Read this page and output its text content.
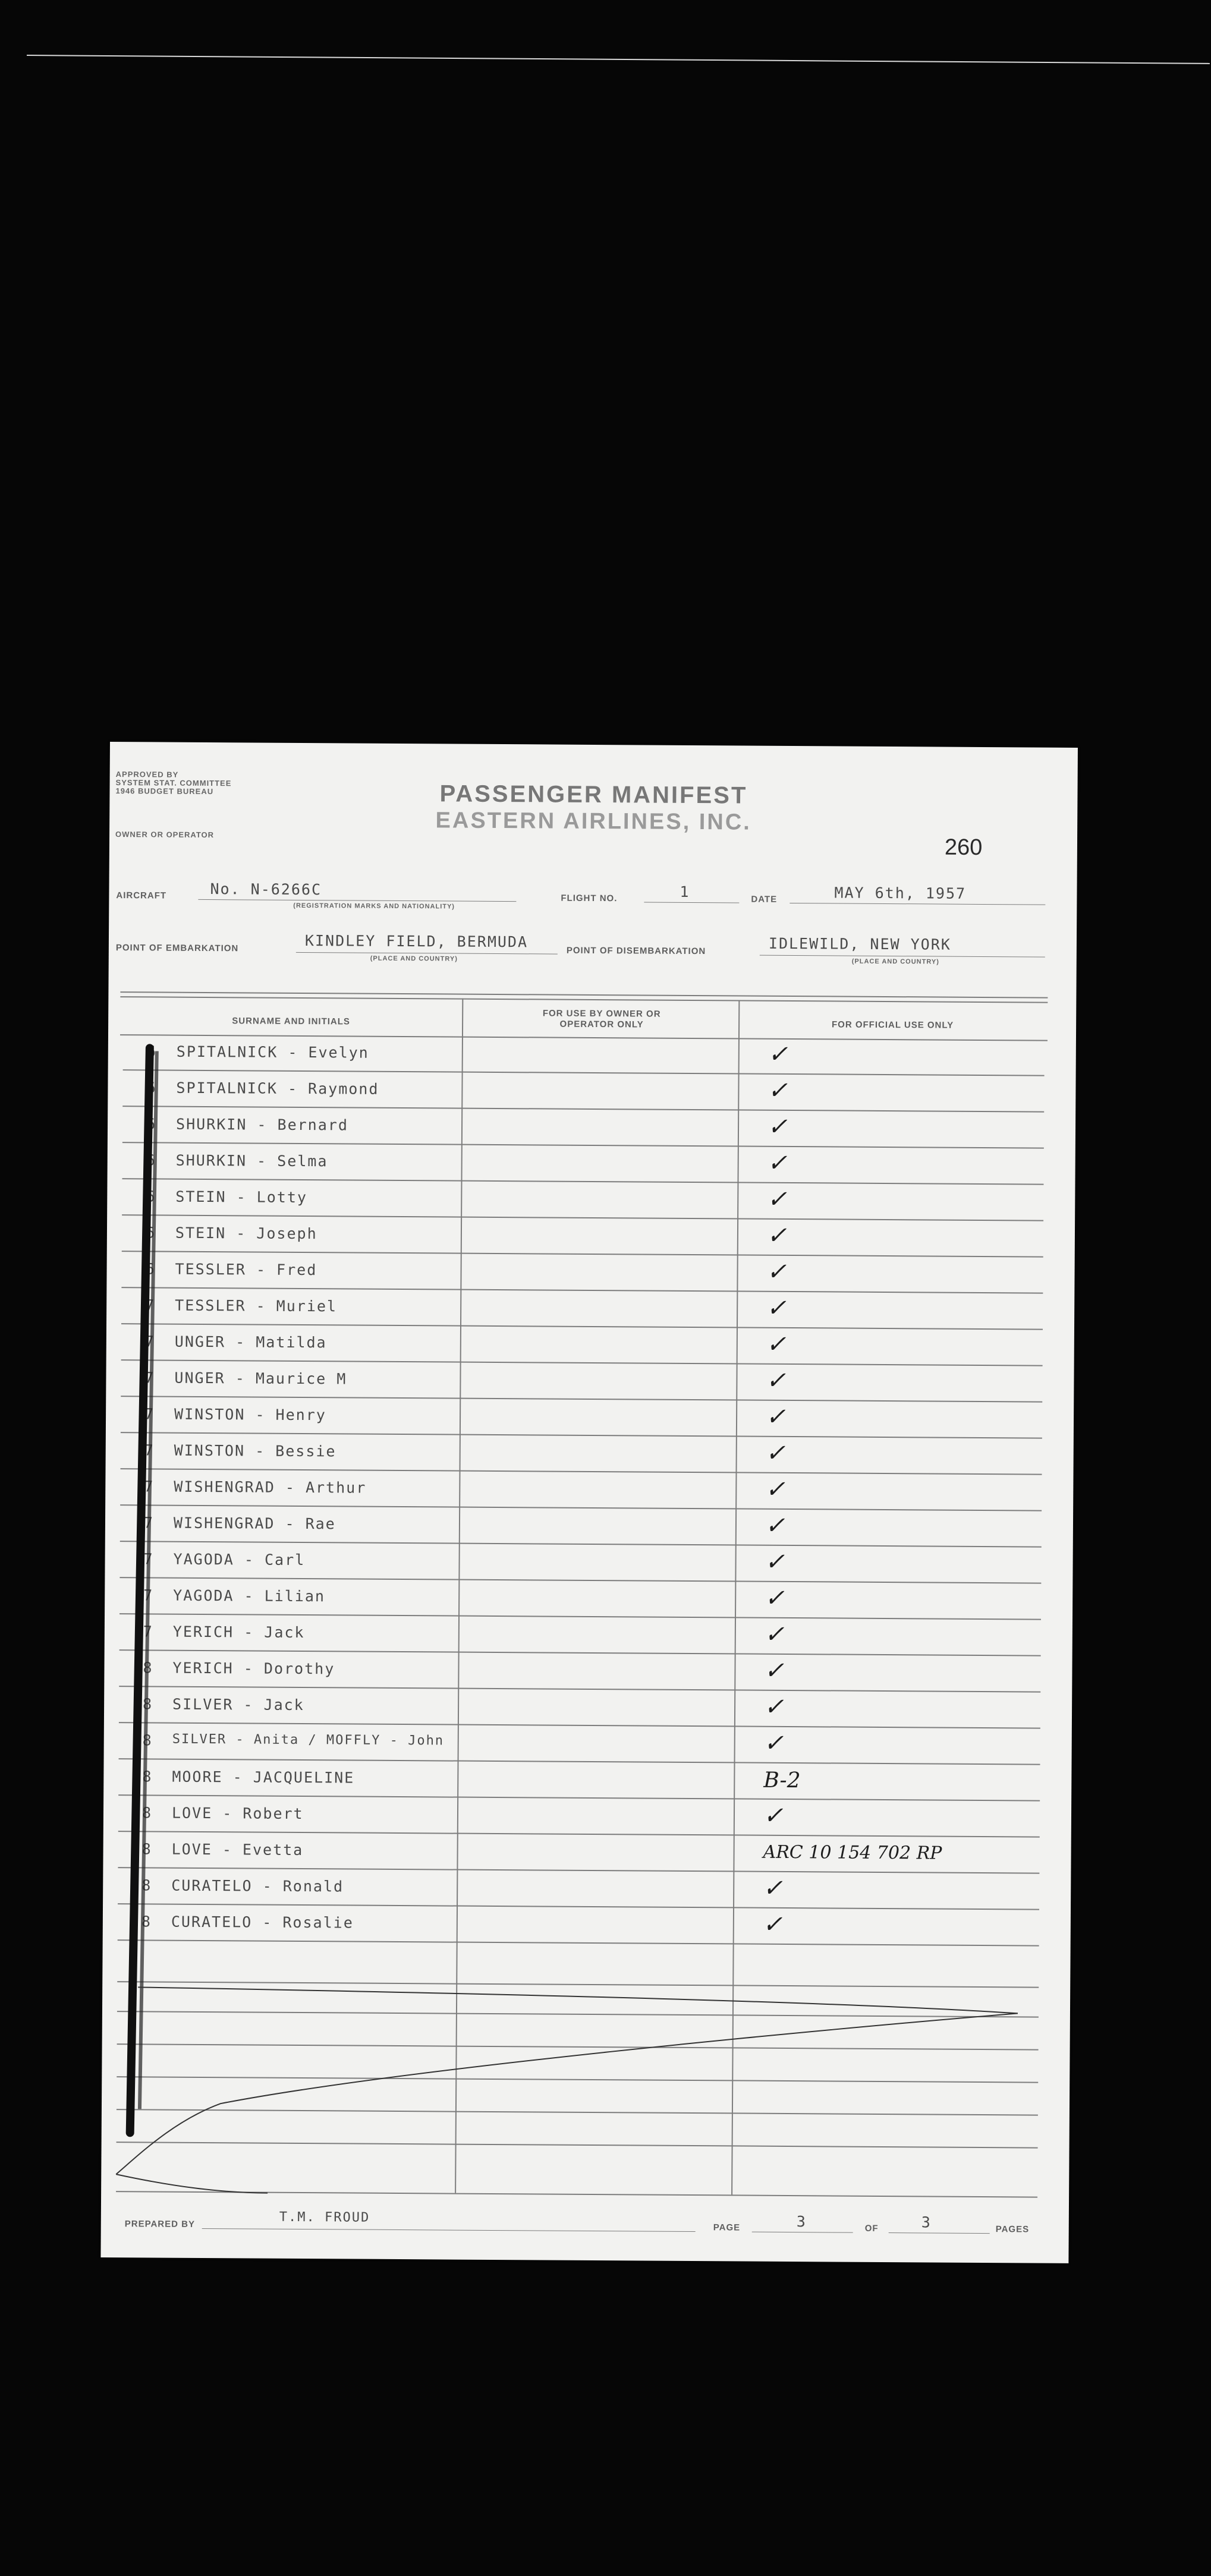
APPROVED BY
SYSTEM STAT. COMMITTEE
1946 BUDGET BUREAU
OWNER OR OPERATOR
PASSENGER MANIFEST
EASTERN AIRLINES, INC.
260
AIRCRAFT	No. N-6266C
(REGISTRATION MARKS AND NATIONALITY)
FLIGHT NO.	1	DATE	MAY 6th, 1957
POINT OF EMBARKATION	KINDLEY FIELD, BERMUDA
(PLACE AND COUNTRY)
POINT OF DISEMBARKATION	IDLEWILD, NEW YORK
(PLACE AND COUNTRY)
SURNAME AND INITIALS
FOR USE BY OWNER OR OPERATOR ONLY	FOR OFFICIAL USE ONLY
6	SPITALNICK - Evelyn	✓
6	SPITALNICK - Raymond	✓
6	SHURKIN - Bernard	✓
6	SHURKIN - Selma	✓
6	STEIN - Lotty	✓
6	STEIN - Joseph	✓
6	TESSLER - Fred	✓
7	TESSLER - Muriel	✓
7	UNGER - Matilda	✓
7	UNGER - Maurice M	✓
7	WINSTON - Henry	✓
7	WINSTON - Bessie	✓
7	WISHENGRAD - Arthur	✓
7	WISHENGRAD - Rae	✓
7	YAGODA - Carl	✓
7	YAGODA - Lilian	✓
7	YERICH - Jack	✓
8	YERICH - Dorothy	✓
8	SILVER - Jack	✓
8	SILVER - Anita / MOFFLY - John	✓
8	MOORE - JACQUELINE	B-2
8	LOVE - Robert	✓
8	LOVE - Evetta	ARC 10 154 702 RP
8	CURATELO - Ronald	✓
8	CURATELO - Rosalie	✓
PREPARED BY	T.M. FROUD
PAGE	3	OF	3	PAGES
